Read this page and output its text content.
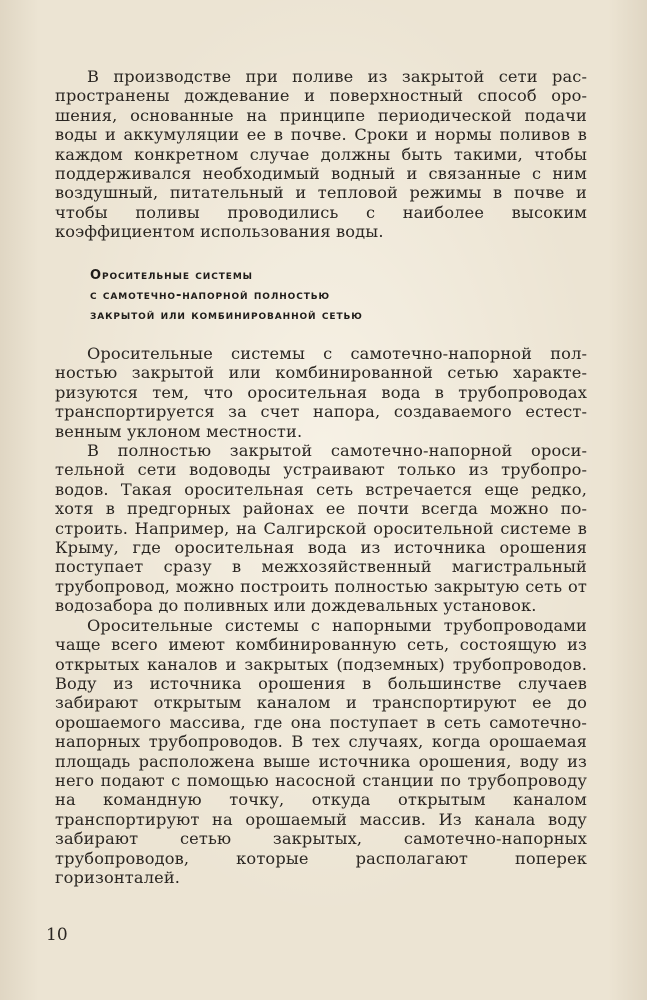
В производстве при поливе из закрытой сети распространены дождевание и поверхностный способ орошения, основанные на принципе периодической подачи воды и аккумуляции ее в почве. Сроки и нормы поливов в каждом конкретном случае должны быть такими, чтобы поддерживался необходимый водный и связанные с ним воздушный, питательный и тепловой режимы в почве и чтобы поливы проводились с наиболее высоким коэффициентом использования воды.

Оросительные системы
с самотечно-напорной полностью
закрытой или комбинированной сетью

Оросительные системы с самотечно-напорной полностью закрытой или комбинированной сетью характеризуются тем, что оросительная вода в трубопроводах транспортируется за счет напора, создаваемого естественным уклоном местности.

В полностью закрытой самотечно-напорной оросительной сети водоводы устраивают только из трубопроводов. Такая оросительная сеть встречается еще редко, хотя в предгорных районах ее почти всегда можно построить. Например, на Салгирской оросительной системе в Крыму, где оросительная вода из источника орошения поступает сразу в межхозяйственный магистральный трубопровод, можно построить полностью закрытую сеть от водозабора до поливных или дождевальных установок.

Оросительные системы с напорными трубопроводами чаще всего имеют комбинированную сеть, состоящую из открытых каналов и закрытых (подземных) трубопроводов. Воду из источника орошения в большинстве случаев забирают открытым каналом и транспортируют ее до орошаемого массива, где она поступает в сеть самотечно-напорных трубопроводов. В тех случаях, когда орошаемая площадь расположена выше источника орошения, воду из него подают с помощью насосной станции по трубопроводу на командную точку, откуда открытым каналом транспортируют на орошаемый массив. Из канала воду забирают сетью закрытых, самотечно-напорных трубопроводов, которые располагают поперек горизонталей.

10
